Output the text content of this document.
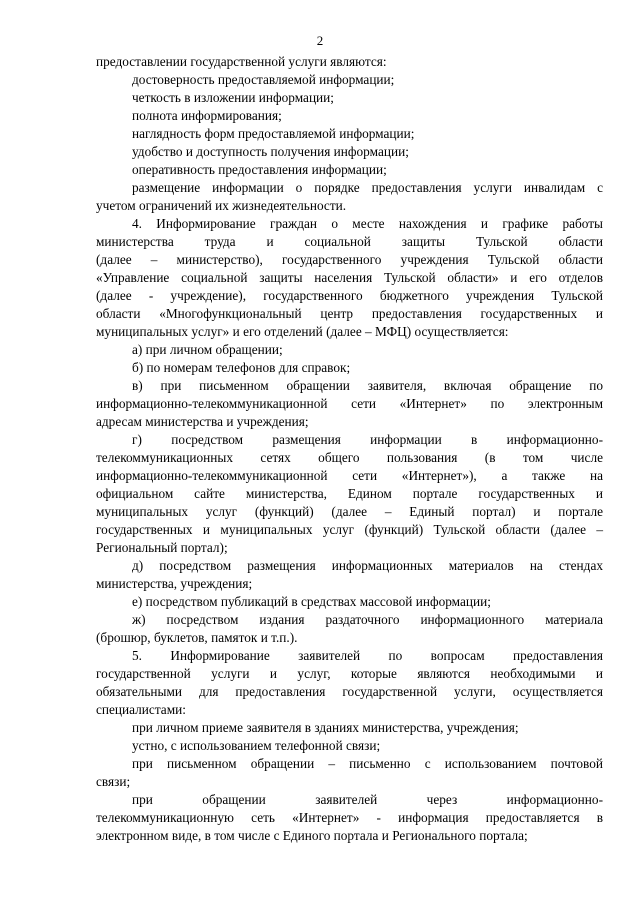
2
предоставлении государственной услуги являются:
достоверность предоставляемой информации;
четкость в изложении информации;
полнота информирования;
наглядность форм предоставляемой информации;
удобство и доступность получения информации;
оперативность предоставления информации;
размещение информации о порядке предоставления услуги инвалидам с
учетом ограничений их жизнедеятельности.
4. Информирование граждан о месте нахождения и графике работы
министерства труда и социальной защиты Тульской области
(далее – министерство), государственного учреждения Тульской области
«Управление социальной защиты населения Тульской области» и его отделов
(далее - учреждение), государственного бюджетного учреждения Тульской
области «Многофункциональный центр предоставления государственных и
муниципальных услуг» и его отделений (далее – МФЦ) осуществляется:
а) при личном обращении;
б) по номерам телефонов для справок;
в) при письменном обращении заявителя, включая обращение по
информационно-телекоммуникационной сети «Интернет» по электронным
адресам министерства и учреждения;
г) посредством размещения информации в информационно-
телекоммуникационных сетях общего пользования (в том числе
информационно-телекоммуникационной сети «Интернет»), а также на
официальном сайте министерства, Едином портале государственных и
муниципальных услуг (функций) (далее – Единый портал) и портале
государственных и муниципальных услуг (функций) Тульской области (далее –
Региональный портал);
д) посредством размещения информационных материалов на стендах
министерства, учреждения;
е) посредством публикаций в средствах массовой информации;
ж) посредством издания раздаточного информационного материала
(брошюр, буклетов, памяток и т.п.).
5. Информирование заявителей по вопросам предоставления
государственной услуги и услуг, которые являются необходимыми и
обязательными для предоставления государственной услуги, осуществляется
специалистами:
при личном приеме заявителя в зданиях министерства, учреждения;
устно, с использованием телефонной связи;
при письменном обращении – письменно с использованием почтовой
связи;
при обращении заявителей через информационно-
телекоммуникационную сеть «Интернет» - информация предоставляется в
электронном виде, в том числе с Единого портала и Регионального портала;
